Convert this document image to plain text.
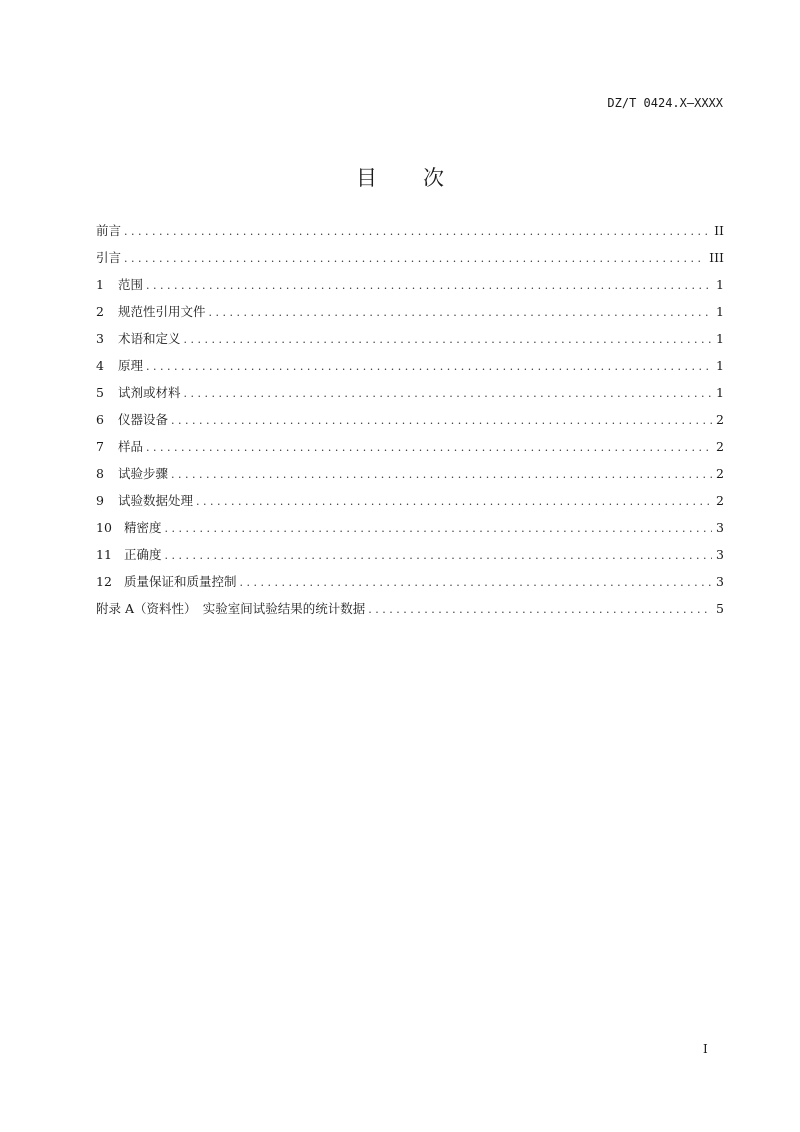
DZ/T 0424.X—XXXX
目 次
前言 . . .	II
引言 . . .	III
1	范围 . . .	1
2	规范性引用文件 . . .	1
3	术语和定义 . . .	1
4	原理 . . .	1
5	试剂或材料 . . .	1
6	仪器设备 . . .	2
7	样品 . . .	2
8	试验步骤 . . .	2
9	试验数据处理 . . .	2
10 精密度 . . .	3
11 正确度 . . .	3
12 质量保证和质量控制 . . .	3
附录 A（资料性）　实验室间试验结果的统计数据 . . .	5
I
